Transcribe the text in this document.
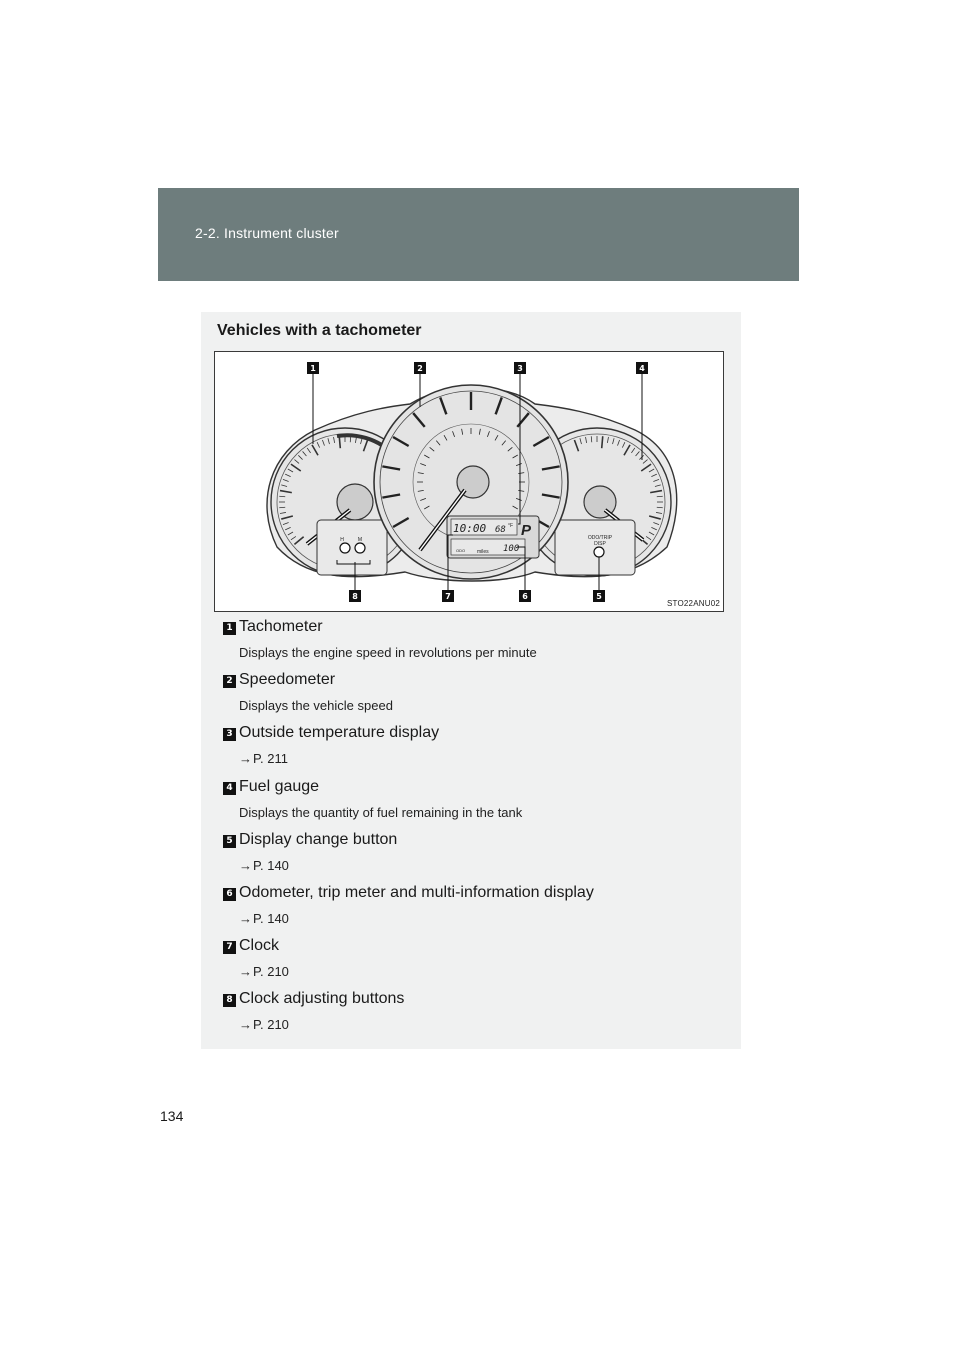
2-2. Instrument cluster
Vehicles with a tachometer
10:00 68 °F P
ODO miles 100
H	M	ODO/TRIP
DISP
1	2	3	4
5
6
7
8
STO22ANU02
1 Tachometer
Displays the engine speed in revolutions per minute
2 Speedometer
Displays the vehicle speed
3 Outside temperature display
→P. 211
4 Fuel gauge
Displays the quantity of fuel remaining in the tank
5 Display change button
→P. 140
6 Odometer, trip meter and multi-information display
→P. 140
7 Clock
→P. 210
8 Clock adjusting buttons
→P. 210
134
